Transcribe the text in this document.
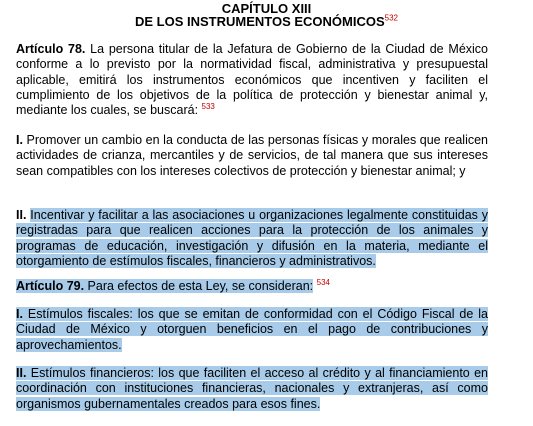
CAPÍTULO XIII
DE LOS INSTRUMENTOS ECONÓMICOS$^{532}$
Artículo 78. La persona titular de la Jefatura de Gobierno de la Ciudad de México conforme a lo previsto por la normatividad fiscal, administrativa y presupuestal aplicable, emitirá los instrumentos económicos que incentiven y faciliten el cumplimiento de los objetivos de la política de protección y bienestar animal y, mediante los cuales, se buscará: $^{533}$
I. Promover un cambio en la conducta de las personas físicas y morales que realicen actividades de crianza, mercantiles y de servicios, de tal manera que sus intereses sean compatibles con los intereses colectivos de protección y bienestar animal; y
II. Incentivar y facilitar a las asociaciones u organizaciones legalmente constituidas y registradas para que realicen acciones para la protección de los animales y programas de educación, investigación y difusión en la materia, mediante el otorgamiento de estímulos fiscales, financieros y administrativos.
Artículo 79. Para efectos de esta Ley, se consideran: $^{534}$
I. Estímulos fiscales: los que se emitan de conformidad con el Código Fiscal de la Ciudad de México y otorguen beneficios en el pago de contribuciones y aprovechamientos.
II. Estímulos financieros: los que faciliten el acceso al crédito y al financiamiento en coordinación con instituciones financieras, nacionales y extranjeras, así como organismos gubernamentales creados para esos fines.
